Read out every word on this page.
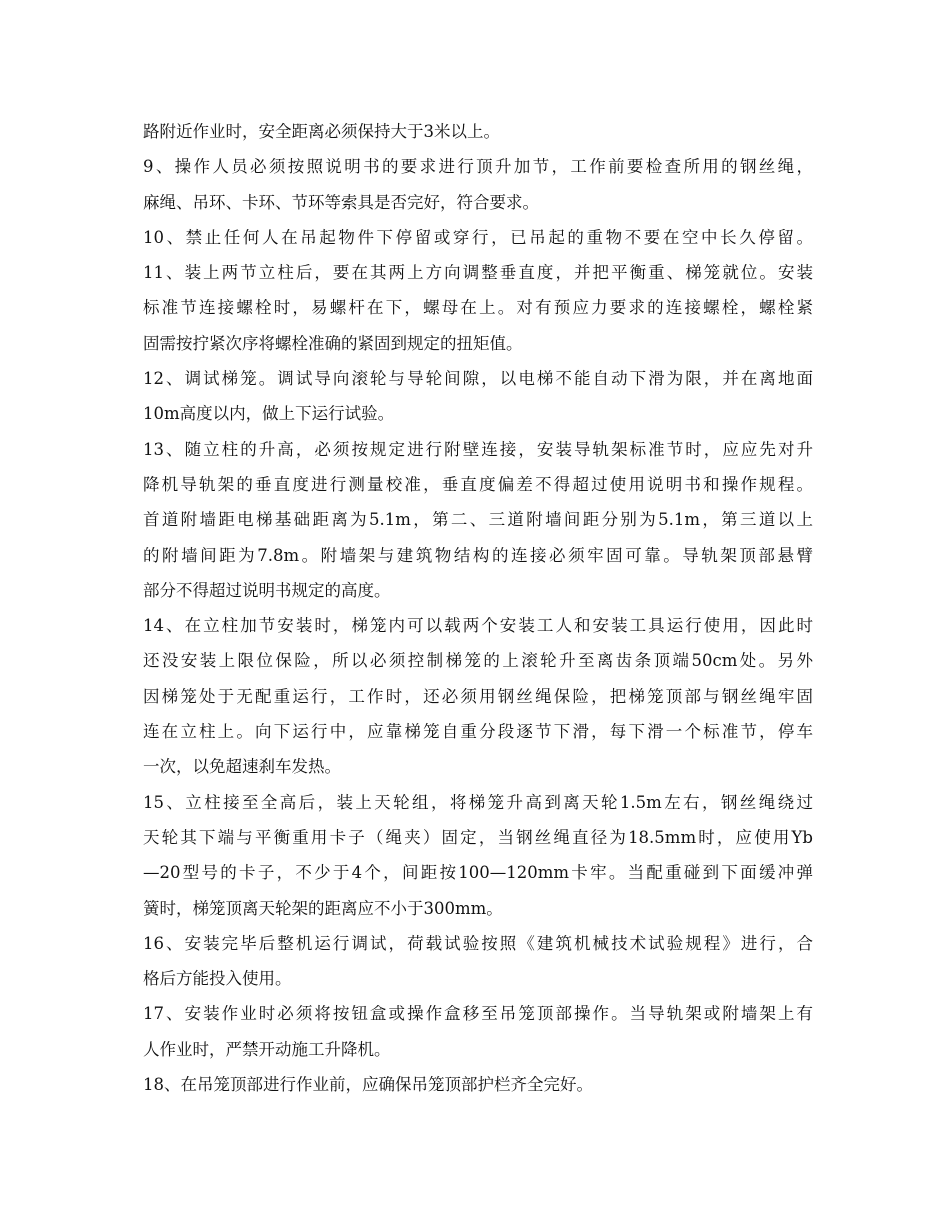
路附近作业时，安全距离必须保持大于3米以上。
9、操作人员必须按照说明书的要求进行顶升加节，工作前要检查所用的钢丝绳，
麻绳、吊环、卡环、节环等索具是否完好，符合要求。
10、禁止任何人在吊起物件下停留或穿行，已吊起的重物不要在空中长久停留。
11、装上两节立柱后，要在其两上方向调整垂直度，并把平衡重、梯笼就位。安装
标准节连接螺栓时，易螺杆在下，螺母在上。对有预应力要求的连接螺栓，螺栓紧
固需按拧紧次序将螺栓准确的紧固到规定的扭矩值。
12、调试梯笼。调试导向滚轮与导轮间隙，以电梯不能自动下滑为限，并在离地面
10m高度以内，做上下运行试验。
13、随立柱的升高，必须按规定进行附壁连接，安装导轨架标准节时，应应先对升
降机导轨架的垂直度进行测量校准，垂直度偏差不得超过使用说明书和操作规程。
首道附墙距电梯基础距离为5.1m，第二、三道附墙间距分别为5.1m，第三道以上
的附墙间距为7.8m。附墙架与建筑物结构的连接必须牢固可靠。导轨架顶部悬臂
部分不得超过说明书规定的高度。
14、在立柱加节安装时，梯笼内可以载两个安装工人和安装工具运行使用，因此时
还没安装上限位保险，所以必须控制梯笼的上滚轮升至离齿条顶端50cm处。另外
因梯笼处于无配重运行，工作时，还必须用钢丝绳保险，把梯笼顶部与钢丝绳牢固
连在立柱上。向下运行中，应靠梯笼自重分段逐节下滑，每下滑一个标准节，停车
一次，以免超速刹车发热。
15、立柱接至全高后，装上天轮组，将梯笼升高到离天轮1.5m左右，钢丝绳绕过
天轮其下端与平衡重用卡子（绳夹）固定，当钢丝绳直径为18.5mm时，应使用Yb
—20型号的卡子，不少于4个，间距按100—120mm卡牢。当配重碰到下面缓冲弹
簧时，梯笼顶离天轮架的距离应不小于300mm。
16、安装完毕后整机运行调试，荷载试验按照《建筑机械技术试验规程》进行，合
格后方能投入使用。
17、安装作业时必须将按钮盒或操作盒移至吊笼顶部操作。当导轨架或附墙架上有
人作业时，严禁开动施工升降机。
18、在吊笼顶部进行作业前，应确保吊笼顶部护栏齐全完好。
